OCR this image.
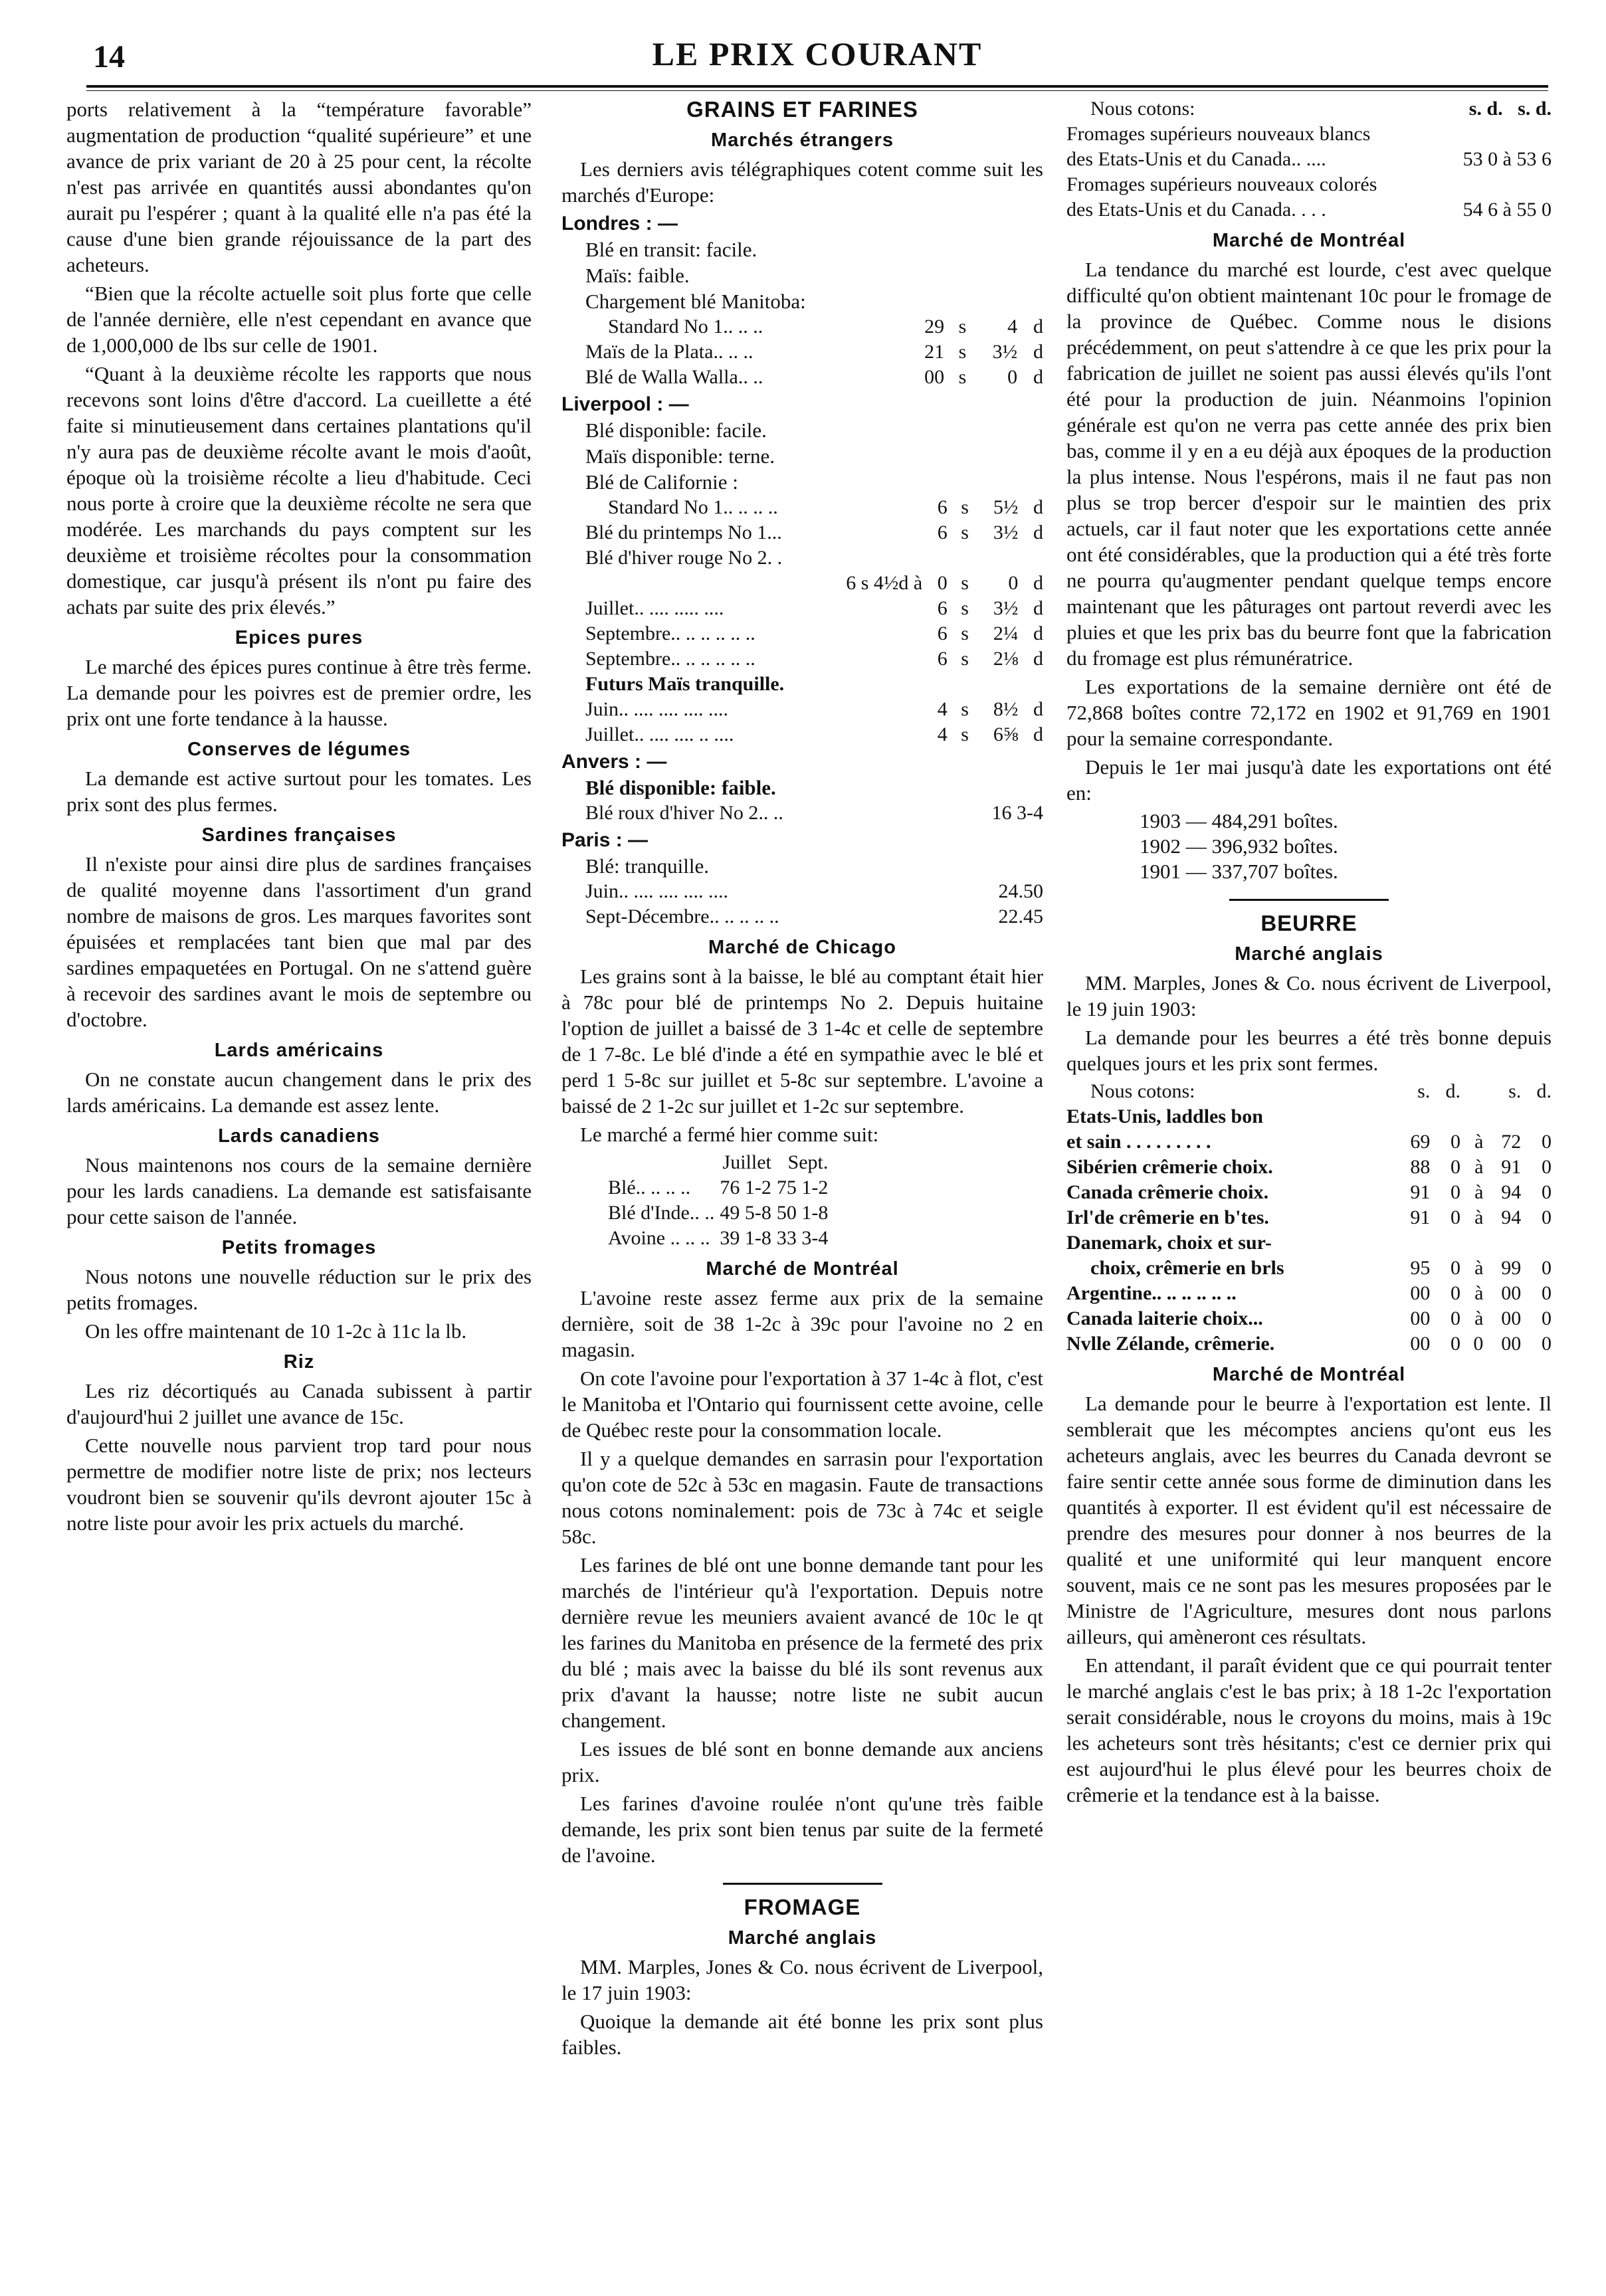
14	LE PRIX COURANT

ports relativement à la “température favorable” augmentation de production “qualité supérieure” et une avance de prix variant de 20 à 25 pour cent, la récolte n'est pas arrivée en quantités aussi abondantes qu'on aurait pu l'espérer ; quant à la qualité elle n'a pas été la cause d'une bien grande réjouissance de la part des acheteurs.

“Bien que la récolte actuelle soit plus forte que celle de l'année dernière, elle n'est cependant en avance que de 1,000,000 de lbs sur celle de 1901.

“Quant à la deuxième récolte les rapports que nous recevons sont loins d'être d'accord. La cueillette a été faite si minutieusement dans certaines plantations qu'il n'y aura pas de deuxième récolte avant le mois d'août, époque où la troisième récolte a lieu d'habitude. Ceci nous porte à croire que la deuxième récolte ne sera que modérée. Les marchands du pays comptent sur les deuxième et troisième récoltes pour la consommation domestique, car jusqu'à présent ils n'ont pu faire des achats par suite des prix élevés.”

Epices pures

Le marché des épices pures continue à être très ferme. La demande pour les poivres est de premier ordre, les prix ont une forte tendance à la hausse.

Conserves de légumes

La demande est active surtout pour les tomates. Les prix sont des plus fermes.

Sardines françaises

Il n'existe pour ainsi dire plus de sardines françaises de qualité moyenne dans l'assortiment d'un grand nombre de maisons de gros. Les marques favorites sont épuisées et remplacées tant bien que mal par des sardines empaquetées en Portugal. On ne s'attend guère à recevoir des sardines avant le mois de septembre ou d'octobre.

Lards américains

On ne constate aucun changement dans le prix des lards américains. La demande est assez lente.

Lards canadiens

Nous maintenons nos cours de la semaine dernière pour les lards canadiens. La demande est satisfaisante pour cette saison de l'année.

Petits fromages

Nous notons une nouvelle réduction sur le prix des petits fromages.

On les offre maintenant de 10 1-2c à 11c la lb.

Riz

Les riz décortiqués au Canada subissent à partir d'aujourd'hui 2 juillet une avance de 15c.

Cette nouvelle nous parvient trop tard pour nous permettre de modifier notre liste de prix; nos lecteurs voudront bien se souvenir qu'ils devront ajouter 15c à notre liste pour avoir les prix actuels du marché.

GRAINS ET FARINES
Marchés étrangers

Les derniers avis télégraphiques cotent comme suit les marchés d'Europe:

Londres : —
Blé en transit: facile.
Maïs: faible.
Chargement blé Manitoba:
Standard No 1.. .. ..	29	s	4	d
Maïs de la Plata.. .. ..	21	s	3½	d
Blé de Walla Walla.. ..	00	s	0	d
Liverpool : —
Blé disponible: facile.
Maïs disponible: terne.
Blé de Californie :
Standard No 1.. .. .. ..	6	s	5½	d
Blé du printemps No 1...	6	s	3½	d
Blé d'hiver rouge No 2. .				
6 s 4½d à	0	s	0	d
Juillet.. .... ..... ....	6	s	3½	d
Septembre.. .. .. .. .. ..	6	s	2¼	d
Septembre.. .. .. .. .. ..	6	s	2⅛	d
Futurs Maïs tranquille.				
Juin.. .... .... .... ....	4	s	8½	d
Juillet.. .... .... .. ....	4	s	6⅝	d
Anvers : —
Blé disponible: faible.
Blé roux d'hiver No 2.. ..	16 3-4
Paris : —
Blé: tranquille.
Juin.. .... .... .... ....	24.50
Sept-Décembre.. .. .. .. ..	22.45
Marché de Chicago

Les grains sont à la baisse, le blé au comptant était hier à 78c pour blé de printemps No 2. Depuis huitaine l'option de juillet a baissé de 3 1-4c et celle de septembre de 1 7-8c. Le blé d'inde a été en sympathie avec le blé et perd 1 5-8c sur juillet et 5-8c sur septembre. L'avoine a baissé de 2 1-2c sur juillet et 1-2c sur septembre.

Le marché a fermé hier comme suit:

	Juillet	Sept.
Blé.. .. .. ..	76 1-2	75 1-2
Blé d'Inde.. ..	49 5-8	50 1-8
Avoine .. .. ..	39 1-8	33 3-4
Marché de Montréal

L'avoine reste assez ferme aux prix de la semaine dernière, soit de 38 1-2c à 39c pour l'avoine no 2 en magasin.

On cote l'avoine pour l'exportation à 37 1-4c à flot, c'est le Manitoba et l'Ontario qui fournissent cette avoine, celle de Québec reste pour la consommation locale.

Il y a quelque demandes en sarrasin pour l'exportation qu'on cote de 52c à 53c en magasin. Faute de transactions nous cotons nominalement: pois de 73c à 74c et seigle 58c.

Les farines de blé ont une bonne demande tant pour les marchés de l'intérieur qu'à l'exportation. Depuis notre dernière revue les meuniers avaient avancé de 10c le qt les farines du Manitoba en présence de la fermeté des prix du blé ; mais avec la baisse du blé ils sont revenus aux prix d'avant la hausse; notre liste ne subit aucun changement.

Les issues de blé sont en bonne demande aux anciens prix.

Les farines d'avoine roulée n'ont qu'une très faible demande, les prix sont bien tenus par suite de la fermeté de l'avoine.

FROMAGE
Marché anglais

MM. Marples, Jones & Co. nous écrivent de Liverpool, le 17 juin 1903:

Quoique la demande ait été bonne les prix sont plus faibles.

Nous cotons:	s. d. s. d.
Fromages supérieurs nouveaux blancs des Etats-Unis et du Canada.. ....	53 0 à 53 6
Fromages supérieurs nouveaux colorés des Etats-Unis et du Canada. . . .	54 6 à 55 0
Marché de Montréal

La tendance du marché est lourde, c'est avec quelque difficulté qu'on obtient maintenant 10c pour le fromage de la province de Québec. Comme nous le disions précédemment, on peut s'attendre à ce que les prix pour la fabrication de juillet ne soient pas aussi élevés qu'ils l'ont été pour la production de juin. Néanmoins l'opinion générale est qu'on ne verra pas cette année des prix bien bas, comme il y en a eu déjà aux époques de la production la plus intense. Nous l'espérons, mais il ne faut pas non plus se trop bercer d'espoir sur le maintien des prix actuels, car il faut noter que les exportations cette année ont été considérables, que la production qui a été très forte ne pourra qu'augmenter pendant quelque temps encore maintenant que les pâturages ont partout reverdi avec les pluies et que les prix bas du beurre font que la fabrication du fromage est plus rémunératrice.

Les exportations de la semaine dernière ont été de 72,868 boîtes contre 72,172 en 1902 et 91,769 en 1901 pour la semaine correspondante.

Depuis le 1er mai jusqu'à date les exportations ont été en:

1903 — 484,291 boîtes.
1902 — 396,932 boîtes.
1901 — 337,707 boîtes.
BEURRE
Marché anglais

MM. Marples, Jones & Co. nous écrivent de Liverpool, le 19 juin 1903:

La demande pour les beurres a été très bonne depuis quelques jours et les prix sont fermes.

Nous cotons:	s.	d.		s.	d.
Etats-Unis, laddles bon					
et sain . . . . . . . . .	69	0	à	72	0
Sibérien crêmerie choix.	88	0	à	91	0
Canada crêmerie choix.	91	0	à	94	0
Irl'de crêmerie en b'tes.	91	0	à	94	0
Danemark, choix et sur-					
choix, crêmerie en brls	95	0	à	99	0
Argentine.. .. .. .. .. ..	00	0	à	00	0
Canada laiterie choix...	00	0	à	00	0
Nvlle Zélande, crêmerie.	00	0	0	00	0
Marché de Montréal

La demande pour le beurre à l'exportation est lente. Il semblerait que les mécomptes anciens qu'ont eus les acheteurs anglais, avec les beurres du Canada devront se faire sentir cette année sous forme de diminution dans les quantités à exporter. Il est évident qu'il est nécessaire de prendre des mesures pour donner à nos beurres de la qualité et une uniformité qui leur manquent encore souvent, mais ce ne sont pas les mesures proposées par le Ministre de l'Agriculture, mesures dont nous parlons ailleurs, qui amèneront ces résultats.

En attendant, il paraît évident que ce qui pourrait tenter le marché anglais c'est le bas prix; à 18 1-2c l'exportation serait considérable, nous le croyons du moins, mais à 19c les acheteurs sont très hésitants; c'est ce dernier prix qui est aujourd'hui le plus élevé pour les beurres choix de crêmerie et la tendance est à la baisse.
